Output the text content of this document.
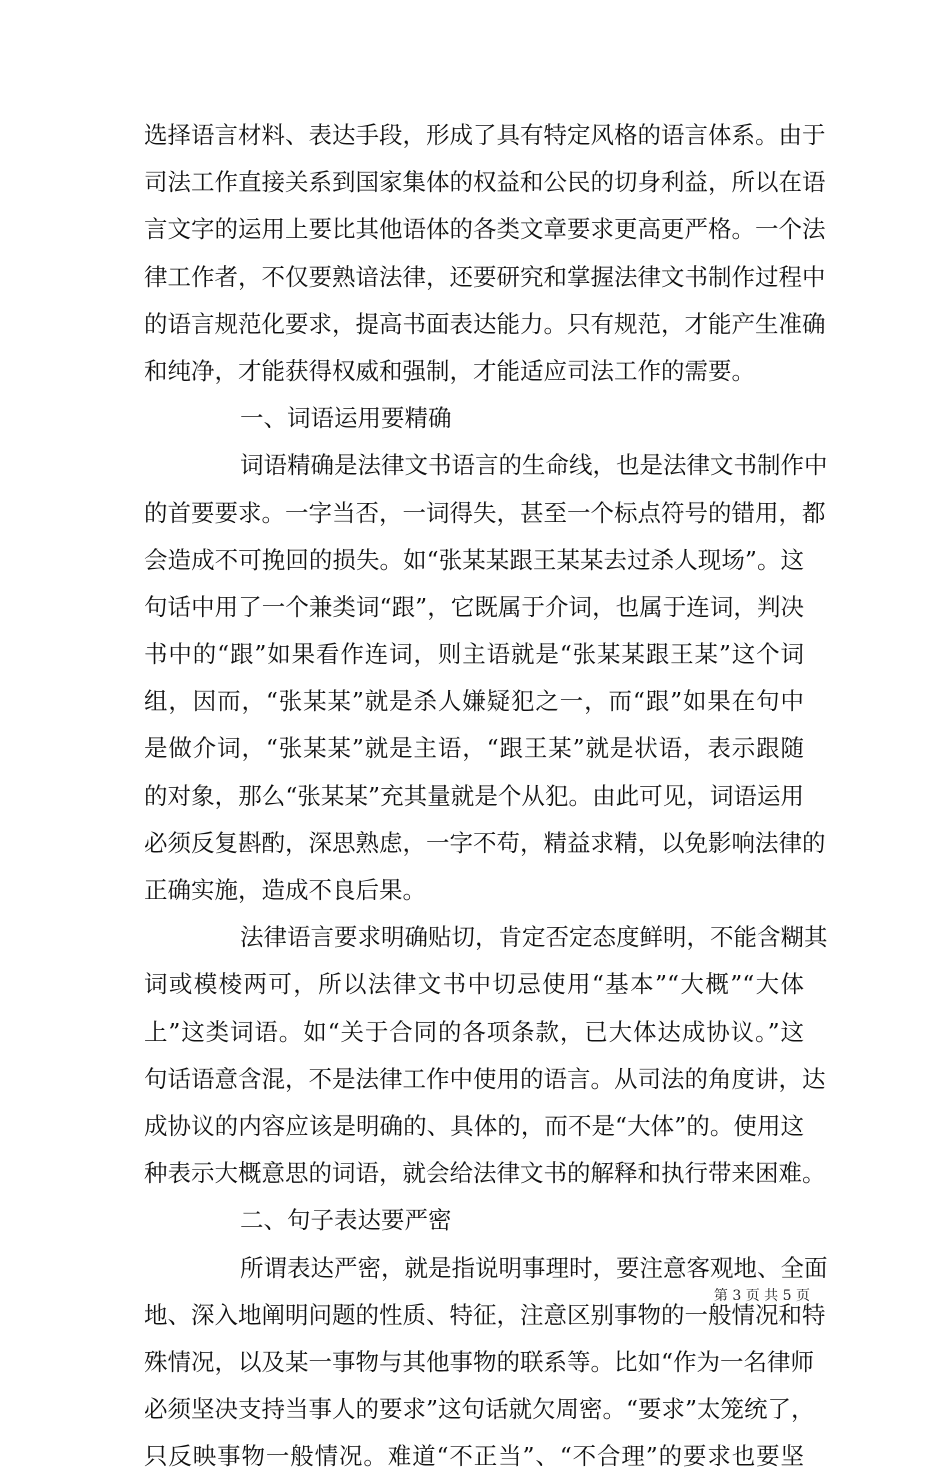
选择语言材料、表达手段，形成了具有特定风格的语言体系。由于
司法工作直接关系到国家集体的权益和公民的切身利益，所以在语
言文字的运用上要比其他语体的各类文章要求更高更严格。一个法
律工作者，不仅要熟谙法律，还要研究和掌握法律文书制作过程中
的语言规范化要求，提高书面表达能力。只有规范，才能产生准确
和纯净，才能获得权威和强制，才能适应司法工作的需要。
一、词语运用要精确
词语精确是法律文书语言的生命线，也是法律文书制作中
的首要要求。一字当否，一词得失，甚至一个标点符号的错用，都
会造成不可挽回的损失。如“张某某跟王某某去过杀人现场”。这
句话中用了一个兼类词“跟”，它既属于介词，也属于连词，判决
书中的“跟”如果看作连词，则主语就是“张某某跟王某”这个词
组，因而，“张某某”就是杀人嫌疑犯之一，而“跟”如果在句中
是做介词，“张某某”就是主语，“跟王某”就是状语，表示跟随
的对象，那么“张某某”充其量就是个从犯。由此可见，词语运用
必须反复斟酌，深思熟虑，一字不苟，精益求精，以免影响法律的
正确实施，造成不良后果。
法律语言要求明确贴切，肯定否定态度鲜明，不能含糊其
词或模棱两可，所以法律文书中切忌使用“基本”“大概”“大体
上”这类词语。如“关于合同的各项条款，已大体达成协议。”这
句话语意含混，不是法律工作中使用的语言。从司法的角度讲，达
成协议的内容应该是明确的、具体的，而不是“大体”的。使用这
种表示大概意思的词语，就会给法律文书的解释和执行带来困难。
二、句子表达要严密
所谓表达严密，就是指说明事理时，要注意客观地、全面
地、深入地阐明问题的性质、特征，注意区别事物的一般情况和特
殊情况，以及某一事物与其他事物的联系等。比如“作为一名律师
必须坚决支持当事人的要求”这句话就欠周密。“要求”太笼统了，
只反映事物一般情况。难道“不正当”、“不合理”的要求也要坚
第 3 页 共 5 页
